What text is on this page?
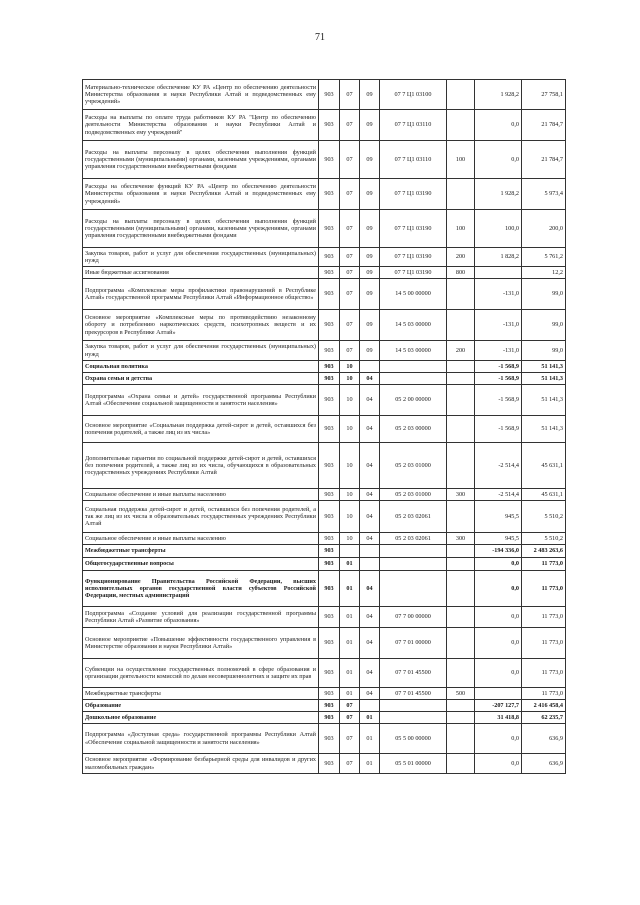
71
Материально-техническое обеспечение КУ РА «Центр по обеспечению деятельности Министерства образования и науки Республики Алтай и подведомственных ему учреждений»	903	07	09	07 7 Ц1 03100		1 928,2	27 758,1
Расходы на выплаты по оплате труда работников КУ РА "Центр по обеспечению деятельности Министерства образования и науки Республики Алтай и подведомственных ему учреждений"	903	07	09	07 7 Ц1 03110		0,0	21 784,7
Расходы на выплаты персоналу в целях обеспечения выполнения функций государственными (муниципальными) органами, казенными учреждениями, органами управления государственными внебюджетными фондами	903	07	09	07 7 Ц1 03110	100	0,0	21 784,7
Расходы на обеспечение функций КУ РА «Центр по обеспечению деятельности Министерства образования и науки Республики Алтай и подведомственных ему учреждений»	903	07	09	07 7 Ц1 03190		1 928,2	5 973,4
Расходы на выплаты персоналу в целях обеспечения выполнения функций государственными (муниципальными) органами, казенными учреждениями, органами управления государственными внебюджетными фондами	903	07	09	07 7 Ц1 03190	100	100,0	200,0
Закупка товаров, работ и услуг для обеспечения государственных (муниципальных) нужд	903	07	09	07 7 Ц1 03190	200	1 828,2	5 761,2
Иные бюджетные ассигнования	903	07	09	07 7 Ц1 03190	800		12,2
Подпрограмма «Комплексные меры профилактики правонарушений в Республике Алтай» государственной программы Республики Алтай «Информационное общество»	903	07	09	14 5 00 00000		-131,0	99,0
Основное мероприятие «Комплексные меры по противодействию незаконному обороту и потреблению наркотических средств, психотропных веществ и их прекурсоров в Республике Алтай»	903	07	09	14 5 03 00000		-131,0	99,0
Закупка товаров, работ и услуг для обеспечения государственных (муниципальных) нужд	903	07	09	14 5 03 00000	200	-131,0	99,0
Социальная политика	903	10				-1 568,9	51 141,3
Охрана семьи и детства	903	10	04			-1 568,9	51 141,3
Подпрограмма «Охрана семьи и детей» государственной программы Республики Алтай «Обеспечение социальной защищенности и занятости населения»	903	10	04	05 2 00 00000		-1 568,9	51 141,3
Основное мероприятие «Социальная поддержка детей-сирот и детей, оставшихся без попечения родителей, а также лиц из их числа»	903	10	04	05 2 03 00000		-1 568,9	51 141,3
Дополнительные гарантии по социальной поддержке детей-сирот и детей, оставшихся без попечения родителей, а также лиц из их числа, обучающихся в образовательных государственных учреждениях Республики Алтай	903	10	04	05 2 03 01000		-2 514,4	45 631,1
Социальное обеспечение и иные выплаты населению	903	10	04	05 2 03 01000	300	-2 514,4	45 631,1
Социальная поддержка детей-сирот и детей, оставшихся без попечения родителей, а так же лиц из их числа в образовательных государственных учреждениях Республики Алтай	903	10	04	05 2 03 02061		945,5	5 510,2
Социальное обеспечение и иные выплаты населению	903	10	04	05 2 03 02061	300	945,5	5 510,2
Межбюджетные трансферты	903					-194 336,0	2 483 263,6
Общегосударственные вопросы	903	01				0,0	11 773,0
Функционирование Правительства Российской Федерации, высших исполнительных органов государственной власти субъектов Российской Федерации, местных администраций	903	01	04			0,0	11 773,0
Подпрограмма «Создание условий для реализации государственной программы Республики Алтай «Развитие образования»	903	01	04	07 7 00 00000		0,0	11 773,0
Основное мероприятие «Повышение эффективности государственного управления в Министерстве образования и науки Республики Алтай»	903	01	04	07 7 01 00000		0,0	11 773,0
Субвенции на осуществление государственных полномочий в сфере образования и организации деятельности комиссий по делам несовершеннолетних и защите их прав	903	01	04	07 7 01 45500		0,0	11 773,0
Межбюджетные трансферты	903	01	04	07 7 01 45500	500		11 773,0
Образование	903	07				-207 127,7	2 416 458,4
Дошкольное образование	903	07	01			31 418,8	62 235,7
Подпрограмма «Доступная среда» государственной программы Республики Алтай «Обеспечение социальной защищенности и занятости населения»	903	07	01	05 5 00 00000		0,0	636,9
Основное мероприятие «Формирование безбарьерной среды для инвалидов и других маломобильных граждан»	903	07	01	05 5 01 00000		0,0	636,9
